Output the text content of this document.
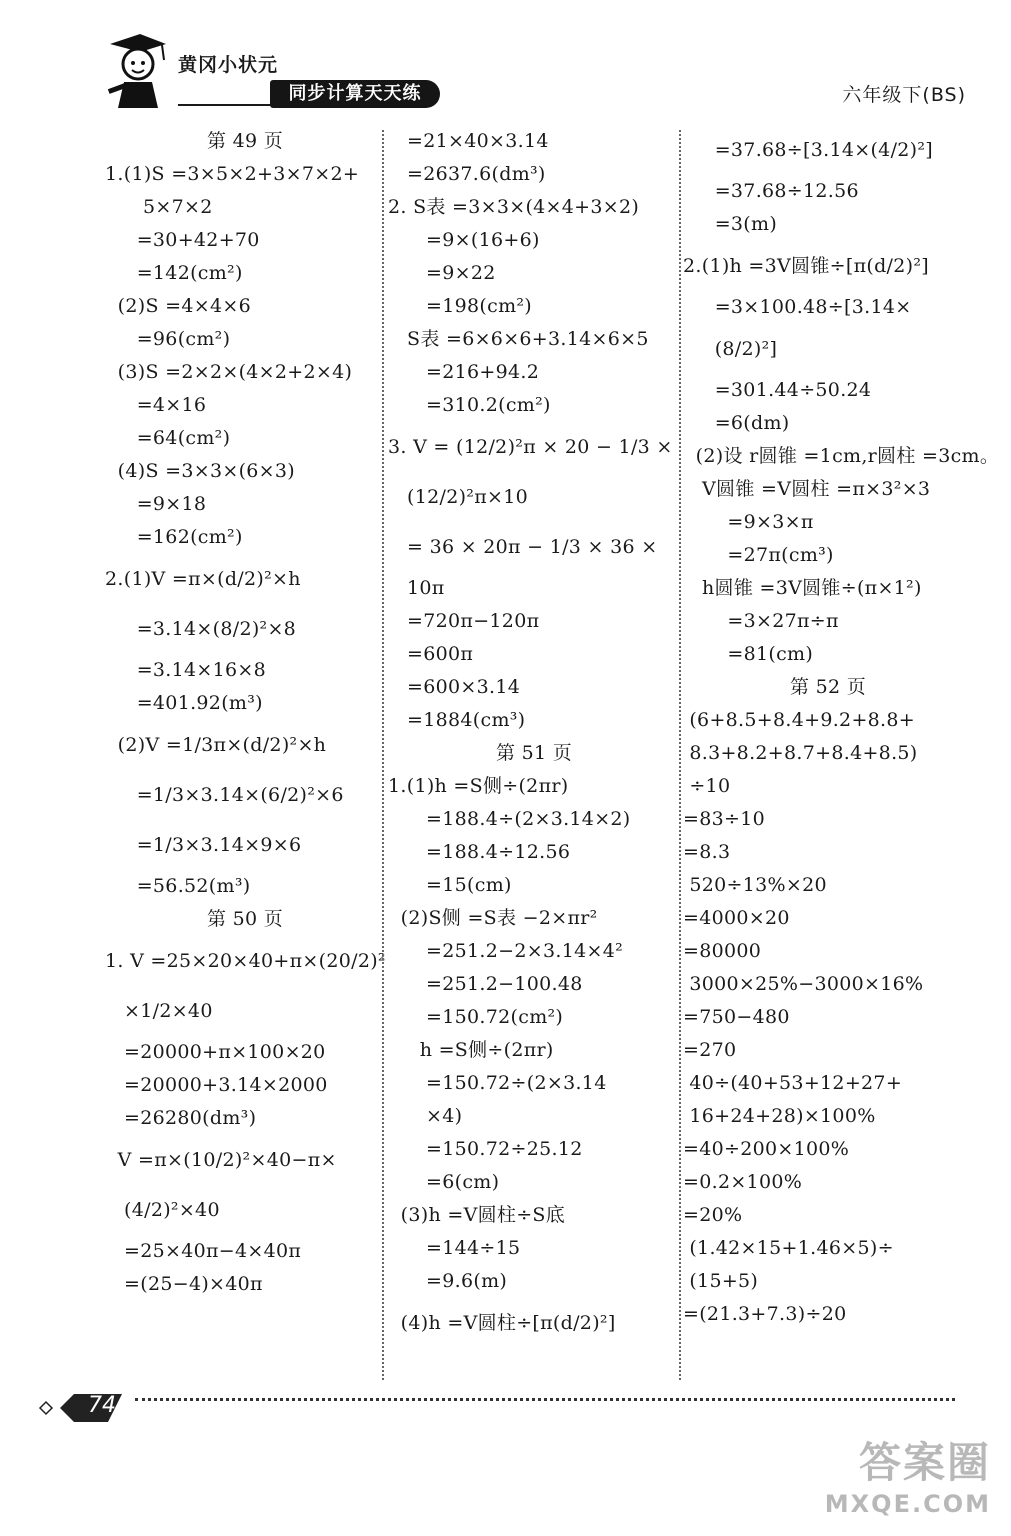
黄冈小状元
同步计算天天练	六年级下(BS)
第 49 页
1.(1)S =3×5×2+3×7×2+
5×7×2
=30+42+70
=142(cm²)
(2)S =4×4×6
=96(cm²)
(3)S =2×2×(4×2+2×4)
=4×16
=64(cm²)
(4)S =3×3×(6×3)
=9×18
=162(cm²)
2.(1)V =π×(d/2)²×h
=3.14×(8/2)²×8
=3.14×16×8
=401.92(m³)
(2)V =1/3π×(d/2)²×h
=1/3×3.14×(6/2)²×6
=1/3×3.14×9×6
=56.52(m³)
第 50 页
1. V =25×20×40+π×(20/2)²
×1/2×40
=20000+π×100×20
=20000+3.14×2000
=26280(dm³)
V =π×(10/2)²×40−π×
(4/2)²×40
=25×40π−4×40π
=(25−4)×40π
=21×40×3.14
=2637.6(dm³)
2. S表 =3×3×(4×4+3×2)
=9×(16+6)
=9×22
=198(cm²)
S表 =6×6×6+3.14×6×5
=216+94.2
=310.2(cm²)
3. V = (12/2)²π × 20 − 1/3 ×
(12/2)²π×10
= 36 × 20π − 1/3 × 36 ×
10π
=720π−120π
=600π
=600×3.14
=1884(cm³)
第 51 页
1.(1)h =S侧÷(2πr)
=188.4÷(2×3.14×2)
=188.4÷12.56
=15(cm)
(2)S侧 =S表 −2×πr²
=251.2−2×3.14×4²
=251.2−100.48
=150.72(cm²)
h =S侧÷(2πr)
=150.72÷(2×3.14
×4)
=150.72÷25.12
=6(cm)
(3)h =V圆柱÷S底
=144÷15
=9.6(m)
(4)h =V圆柱÷[π(d/2)²]
=37.68÷[3.14×(4/2)²]
=37.68÷12.56
=3(m)
2.(1)h =3V圆锥÷[π(d/2)²]
=3×100.48÷[3.14×
(8/2)²]
=301.44÷50.24
=6(dm)
(2)设 r圆锥 =1cm,r圆柱 =3cm。
V圆锥 =V圆柱 =π×3²×3
=9×3×π
=27π(cm³)
h圆锥 =3V圆锥÷(π×1²)
=3×27π÷π
=81(cm)
第 52 页
(6+8.5+8.4+9.2+8.8+
8.3+8.2+8.7+8.4+8.5)
÷10
=83÷10
=8.3
520÷13%×20
=4000×20
=80000
3000×25%−3000×16%
=750−480
=270
40÷(40+53+12+27+
16+24+28)×100%
=40÷200×100%
=0.2×100%
=20%
(1.42×15+1.46×5)÷
(15+5)
=(21.3+7.3)÷20
74
答案圈
MXQE.COM
